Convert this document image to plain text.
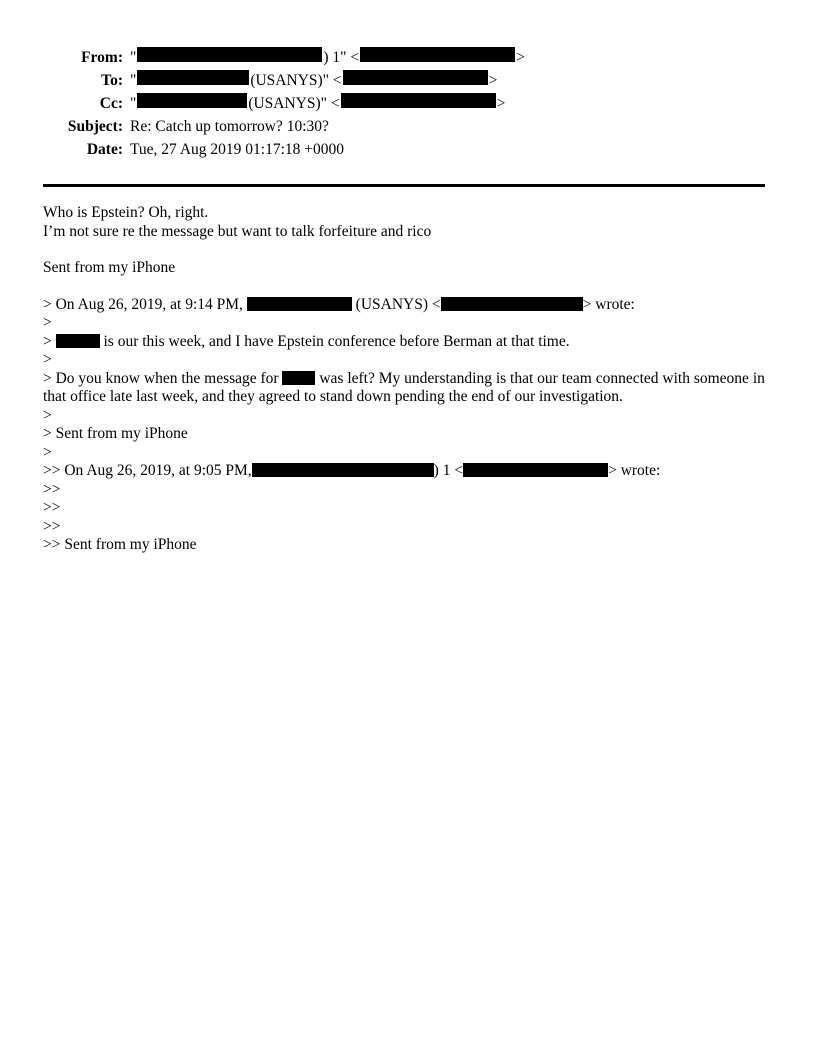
From: "	) 1" <	>
To: "	(USANYS)" <	>
Cc: "	(USANYS)" <	>
Subject: Re: Catch up tomorrow? 10:30?
Date: Tue, 27 Aug 2019 01:17:18 +0000

Who is Epstein? Oh, right.

I’m not sure re the message but want to talk forfeiture and rico

Sent from my iPhone

> On Aug 26, 2019, at 9:14 PM,	(USANYS) <	> wrote:

>

>	is our this week, and I have Epstein conference before Berman at that time.

>

> Do you know when the message for	was left? My understanding is that our team connected with someone in that office late last week, and they agreed to stand down pending the end of our investigation.

>

> Sent from my iPhone

>

>> On Aug 26, 2019, at 9:05 PM,	) 1 <	> wrote:

>>

>>

>>

>> Sent from my iPhone
